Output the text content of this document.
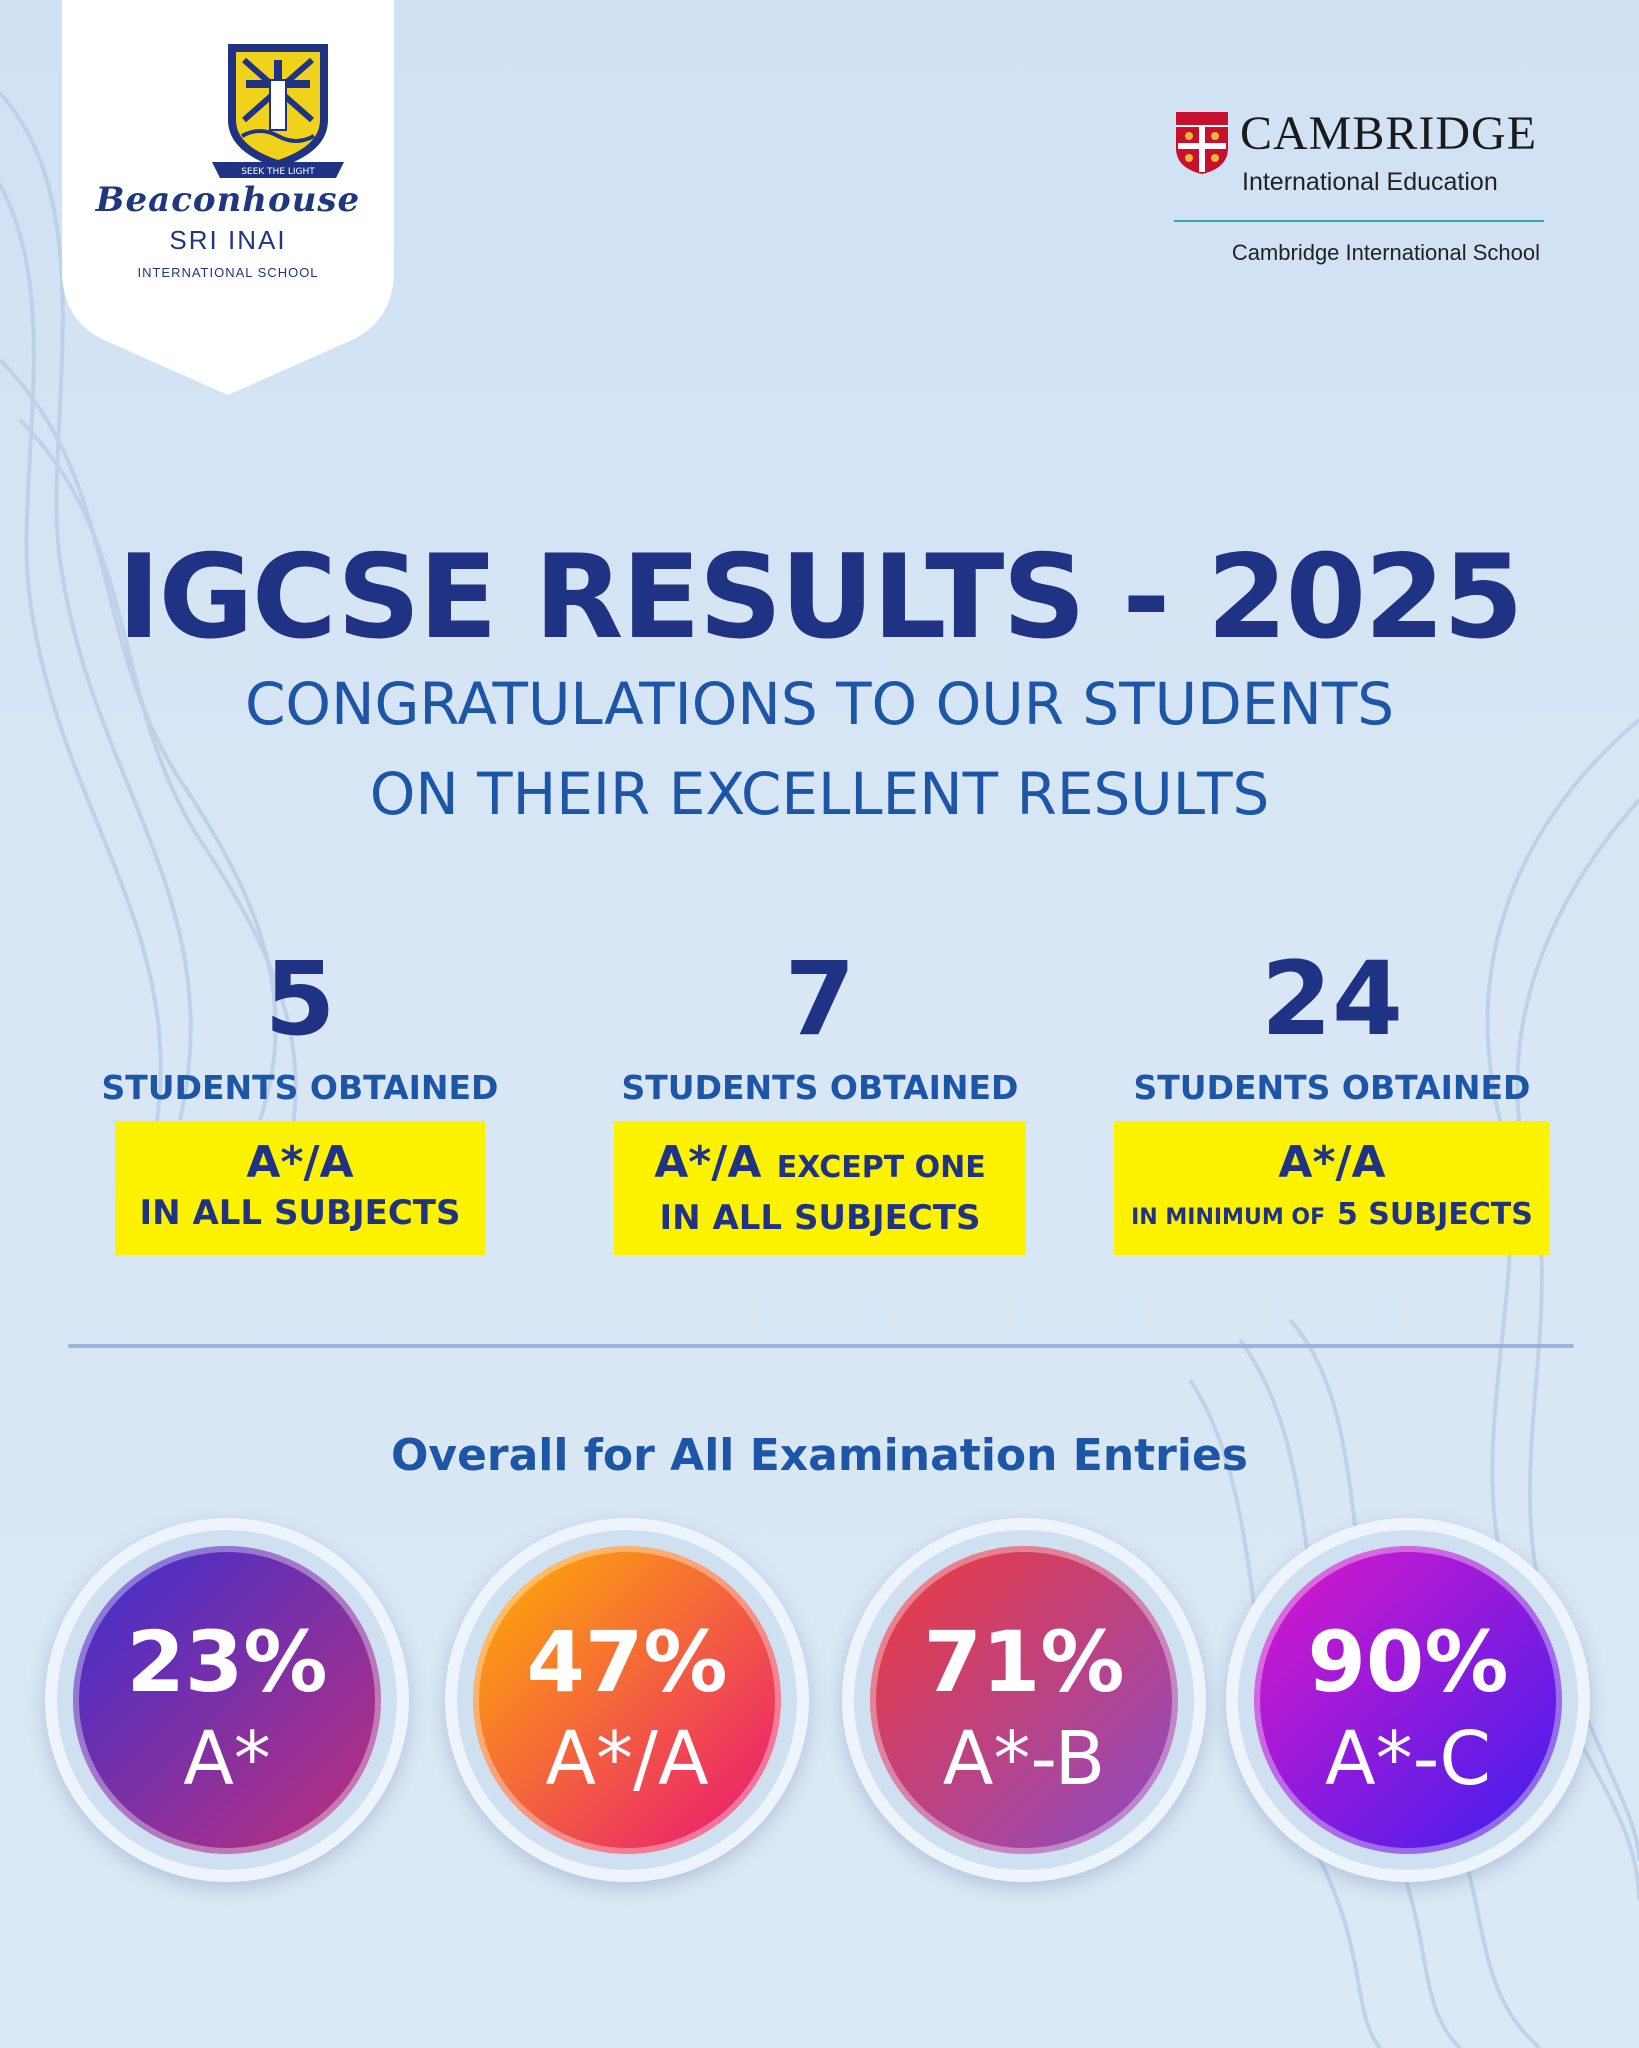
SEEK THE LIGHT
Beaconhouse
SRI INAI
INTERNATIONAL SCHOOL
CAMBRIDGE
International Education
Cambridge International School
IGCSE RESULTS - 2025
CONGRATULATIONS TO OUR STUDENTS
ON THEIR EXCELLENT RESULTS
5
STUDENTS OBTAINED
A*/A
IN ALL SUBJECTS
7
STUDENTS OBTAINED
A*/A EXCEPT ONE
IN ALL SUBJECTS
24
STUDENTS OBTAINED
A*/A
IN MINIMUM OF 5 SUBJECTS
Overall for All Examination Entries
23%
A*
47%
A*/A
71%
A*-B
90%
A*-C
